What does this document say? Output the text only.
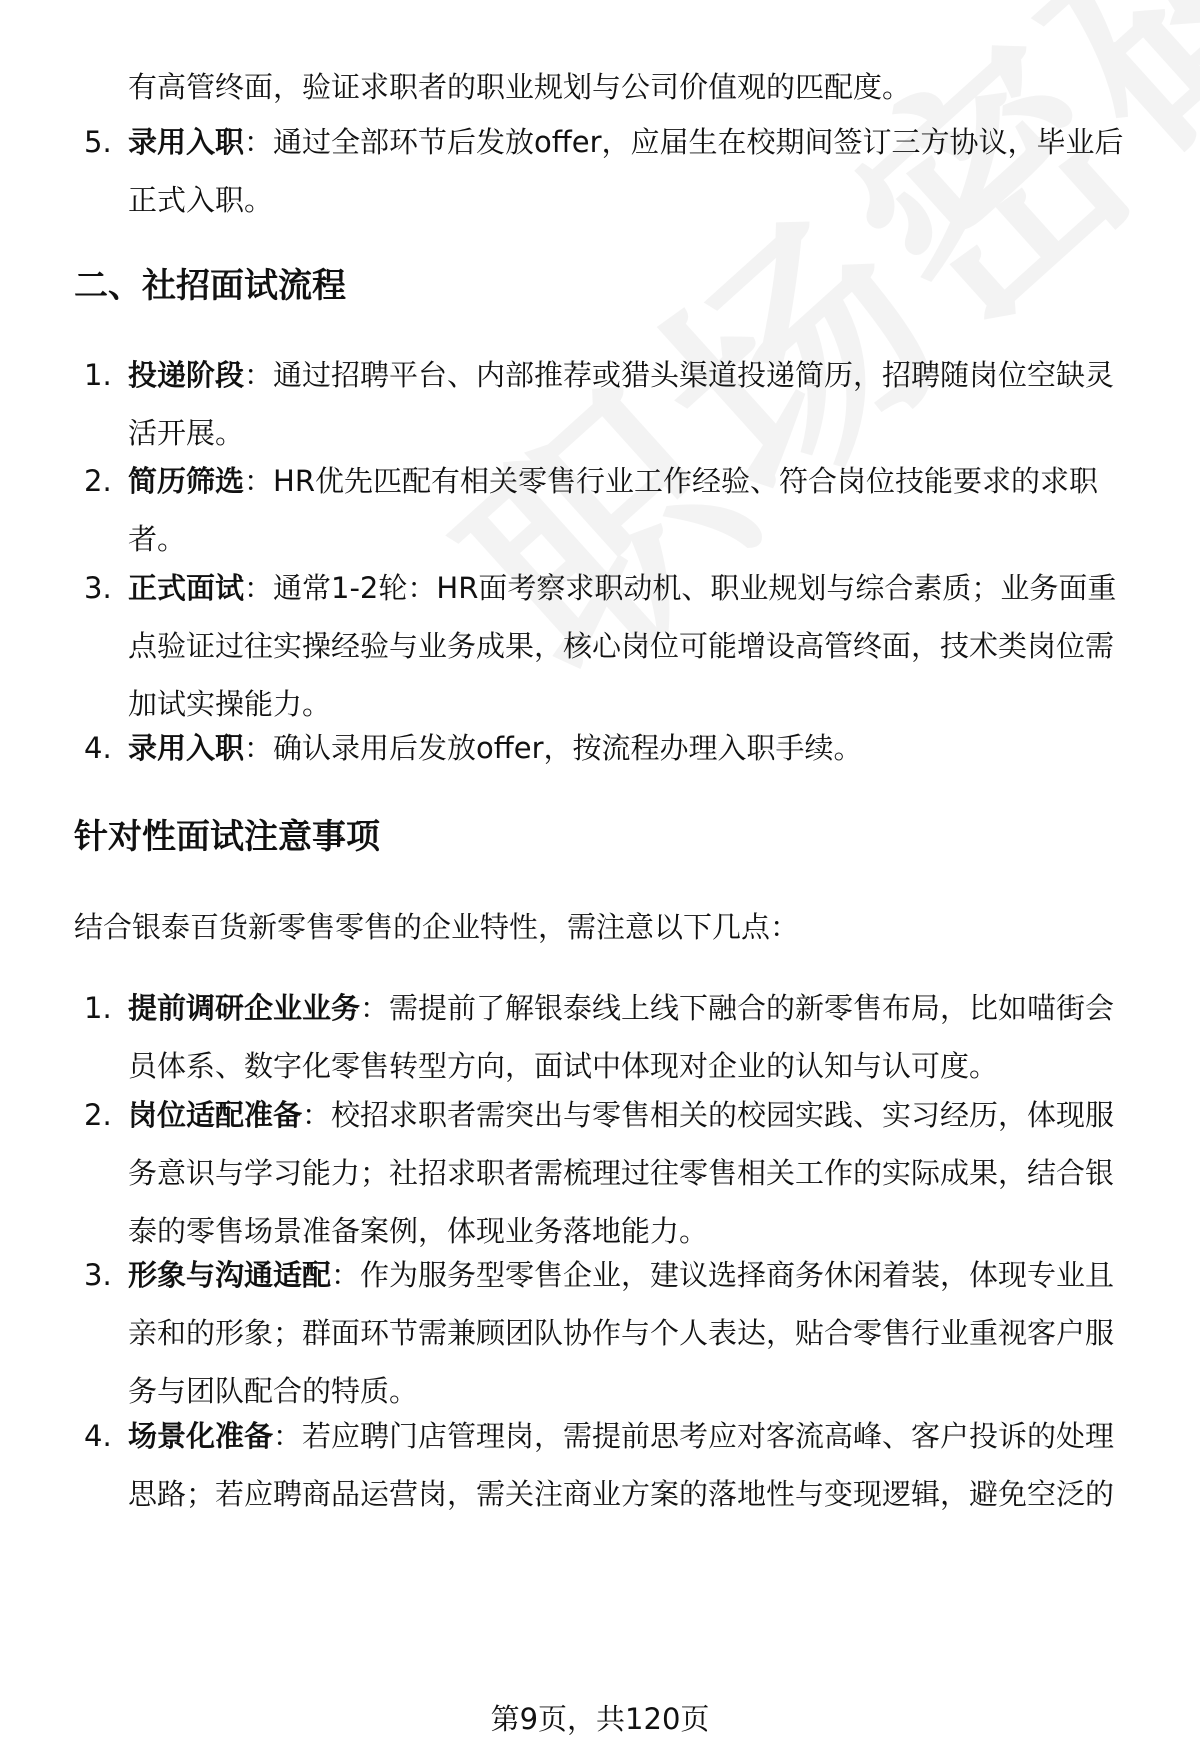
有高管终面，验证求职者的职业规划与公司价值观的匹配度。
5. 录用入职：通过全部环节后发放offer，应届生在校期间签订三方协议，毕业后
正式入职。
二、社招面试流程
1. 投递阶段：通过招聘平台、内部推荐或猎头渠道投递简历，招聘随岗位空缺灵
活开展。
2. 简历筛选：HR优先匹配有相关零售行业工作经验、符合岗位技能要求的求职
者。
3. 正式面试：通常1-2轮：HR面考察求职动机、职业规划与综合素质；业务面重
点验证过往实操经验与业务成果，核心岗位可能增设高管终面，技术类岗位需
加试实操能力。
4. 录用入职：确认录用后发放offer，按流程办理入职手续。
针对性面试注意事项
结合银泰百货新零售零售的企业特性，需注意以下几点：
1. 提前调研企业业务：需提前了解银泰线上线下融合的新零售布局，比如喵街会
员体系、数字化零售转型方向，面试中体现对企业的认知与认可度。
2. 岗位适配准备：校招求职者需突出与零售相关的校园实践、实习经历，体现服
务意识与学习能力；社招求职者需梳理过往零售相关工作的实际成果，结合银
泰的零售场景准备案例，体现业务落地能力。
3. 形象与沟通适配：作为服务型零售企业，建议选择商务休闲着装，体现专业且
亲和的形象；群面环节需兼顾团队协作与个人表达，贴合零售行业重视客户服
务与团队配合的特质。
4. 场景化准备：若应聘门店管理岗，需提前思考应对客流高峰、客户投诉的处理
思路；若应聘商品运营岗，需关注商业方案的落地性与变现逻辑，避免空泛的
第9页，共120页
